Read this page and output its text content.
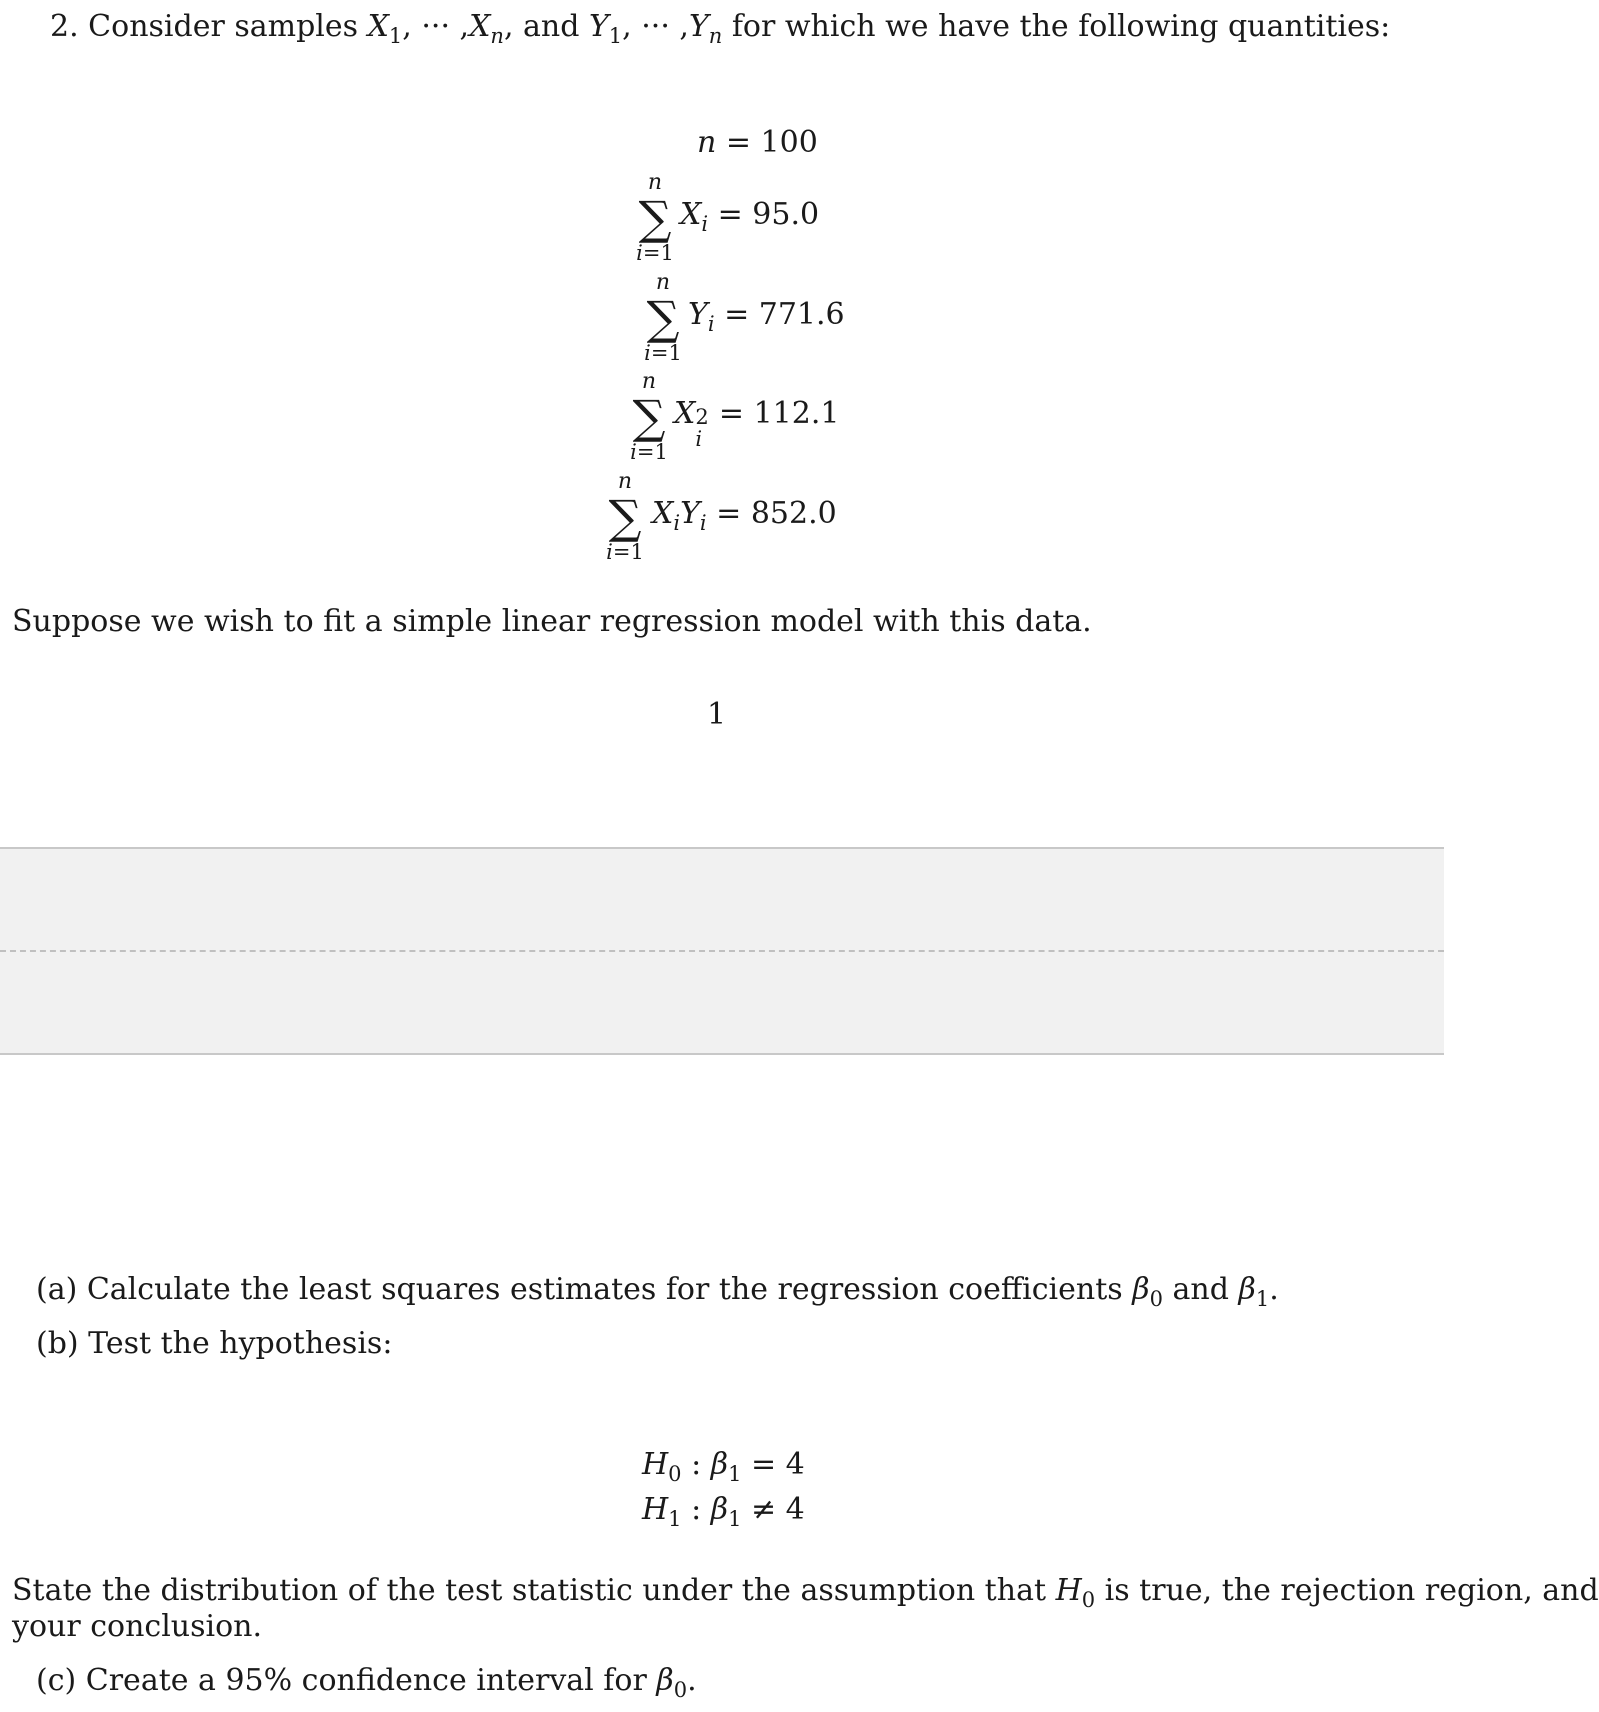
2. Consider samples $X_1$, ··· $,X_n$, and $Y_1$, ··· $,Y_n$ for which we have the following quantities:
n = 100
n
∑
i=1
$X_i = 95.0$
n
∑
i=1
$Y_i = 771.6$
n
∑
i=1
X 2
i
= 112.1
n
∑
i=1
$X_iY_i = 852.0$
Suppose we wish to fit a simple linear regression model with this data.
1
(a) Calculate the least squares estimates for the regression coefficients $\beta_0$ and $\beta_1$.
(b) Test the hypothesis:
$H_0$ : $\beta_1 = 4$
$H_1$ : $\beta_1 \ne 4$
State the distribution of the test statistic under the assumption that $H_0$ is true, the rejection region, and
your conclusion.
(c) Create a 95% confidence interval for $\beta_0$.
